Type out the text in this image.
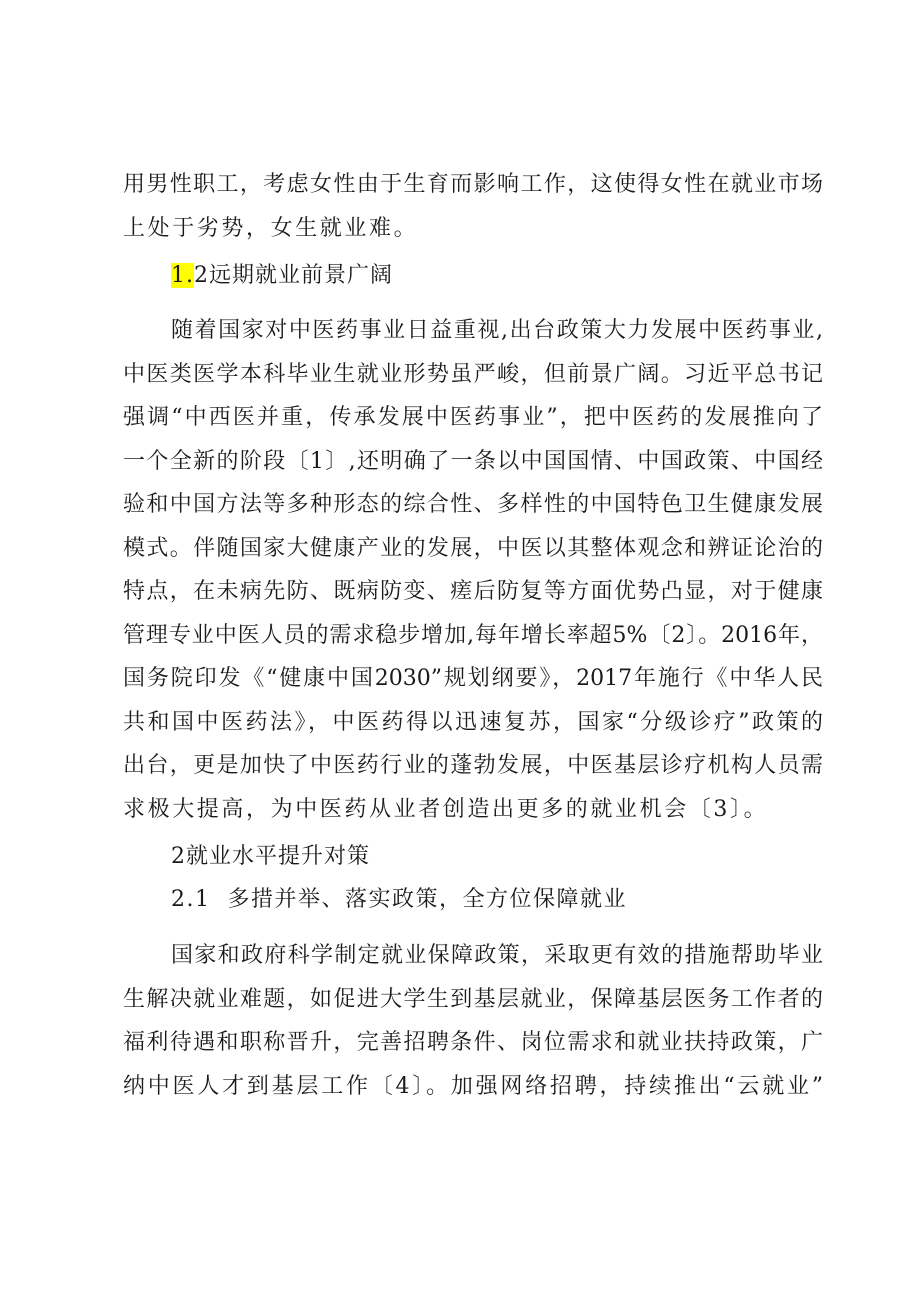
用男性职工，考虑女性由于生育而影响工作，这使得女性在就业市场
上处于劣势，女生就业难。
1.2远期就业前景广阔
随着国家对中医药事业日益重视,出台政策大力发展中医药事业,
中医类医学本科毕业生就业形势虽严峻，但前景广阔。习近平总书记
强调“中西医并重，传承发展中医药事业”，把中医药的发展推向了
一个全新的阶段〔1〕,还明确了一条以中国国情、中国政策、中国经
验和中国方法等多种形态的综合性、多样性的中国特色卫生健康发展
模式。伴随国家大健康产业的发展，中医以其整体观念和辨证论治的
特点，在未病先防、既病防变、瘥后防复等方面优势凸显，对于健康
管理专业中医人员的需求稳步增加,每年增长率超5%〔2〕。2016年，
国务院印发《“健康中国2030”规划纲要》，2017年施行《中华人民
共和国中医药法》，中医药得以迅速复苏，国家“分级诊疗”政策的
出台，更是加快了中医药行业的蓬勃发展，中医基层诊疗机构人员需
求极大提高，为中医药从业者创造出更多的就业机会〔3〕。
2就业水平提升对策
2.1  多措并举、落实政策，全方位保障就业
国家和政府科学制定就业保障政策，采取更有效的措施帮助毕业
生解决就业难题，如促进大学生到基层就业，保障基层医务工作者的
福利待遇和职称晋升，完善招聘条件、岗位需求和就业扶持政策，广
纳中医人才到基层工作〔4〕。加强网络招聘，持续推出“云就业”
